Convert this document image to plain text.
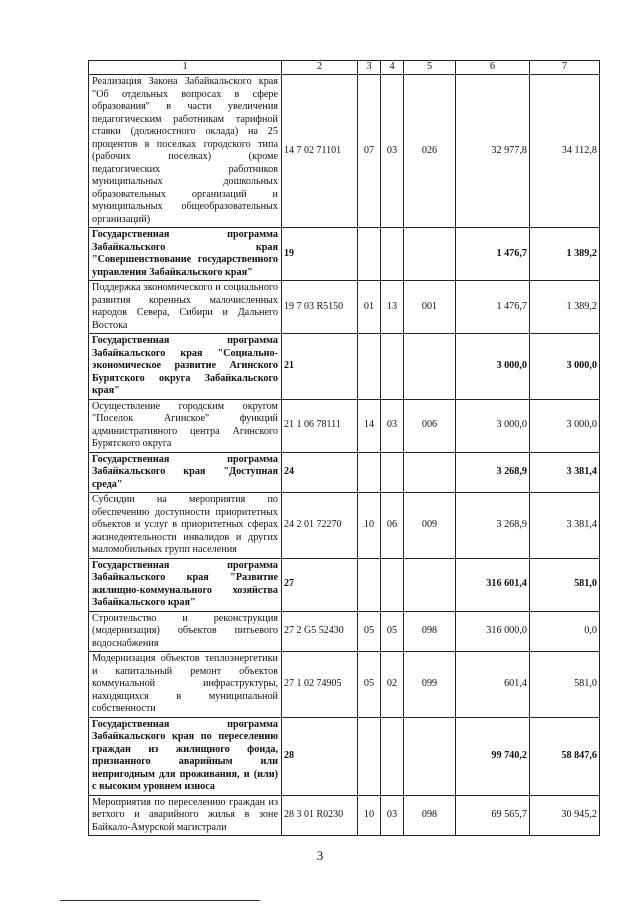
1	2	3	4	5	6	7
Реализация Закона Забайкальского края "Об отдельных вопросах в сфере образования" в части увеличения педагогическим работникам тарифной ставки (должностного оклада) на 25 процентов в поселках городского типа (рабочих поселках) (кроме педагогических работников муниципальных дошкольных образовательных организаций и муниципальных общеобразовательных организаций)	14 7 02 71101	07	03	026	32 977,8	34 112,8
Государственная программа Забайкальского края "Совершенствование государственного управления Забайкальского края"	19				1 476,7	1 389,2
Поддержка экономического и социального развития коренных малочисленных народов Севера, Сибири и Дальнего Востока	19 7 03 R5150	01	13	001	1 476,7	1 389,2
Государственная программа Забайкальского края "Социально-экономическое развитие Агинского Бурятского округа Забайкальского края"	21				3 000,0	3 000,0
Осуществление городским округом "Поселок Агинское" функций административного центра Агинского Бурятского округа	21 1 06 78111	14	03	006	3 000,0	3 000,0
Государственная программа Забайкальского края "Доступная среда"	24				3 268,9	3 381,4
Субсидии на мероприятия по обеспечению доступности приоритетных объектов и услуг в приоритетных сферах жизнедеятельности инвалидов и других маломобильных групп населения	24 2 01 72270	10	06	009	3 268,9	3 381,4
Государственная программа Забайкальского края "Развитие жилищно-коммунального хозяйства Забайкальского края"	27				316 601,4	581,0
Строительство и реконструкция (модернизация) объектов питьевого водоснабжения	27 2 G5 52430	05	05	098	316 000,0	0,0
Модернизация объектов теплоэнергетики и капитальный ремонт объектов коммунальной инфраструктуры, находящихся в муниципальной собственности	27 1 02 74905	05	02	099	601,4	581,0
Государственная программа Забайкальского края по переселению граждан из жилищного фонда, признанного аварийным или непригодным для проживания, и (или) с высоким уровнем износа	28				99 740,2	58 847,6
Мероприятия по переселению граждан из ветхого и аварийного жилья в зоне Байкало-Амурской магистрали	28 3 01 R0230	10	03	098	69 565,7	30 945,2
3
